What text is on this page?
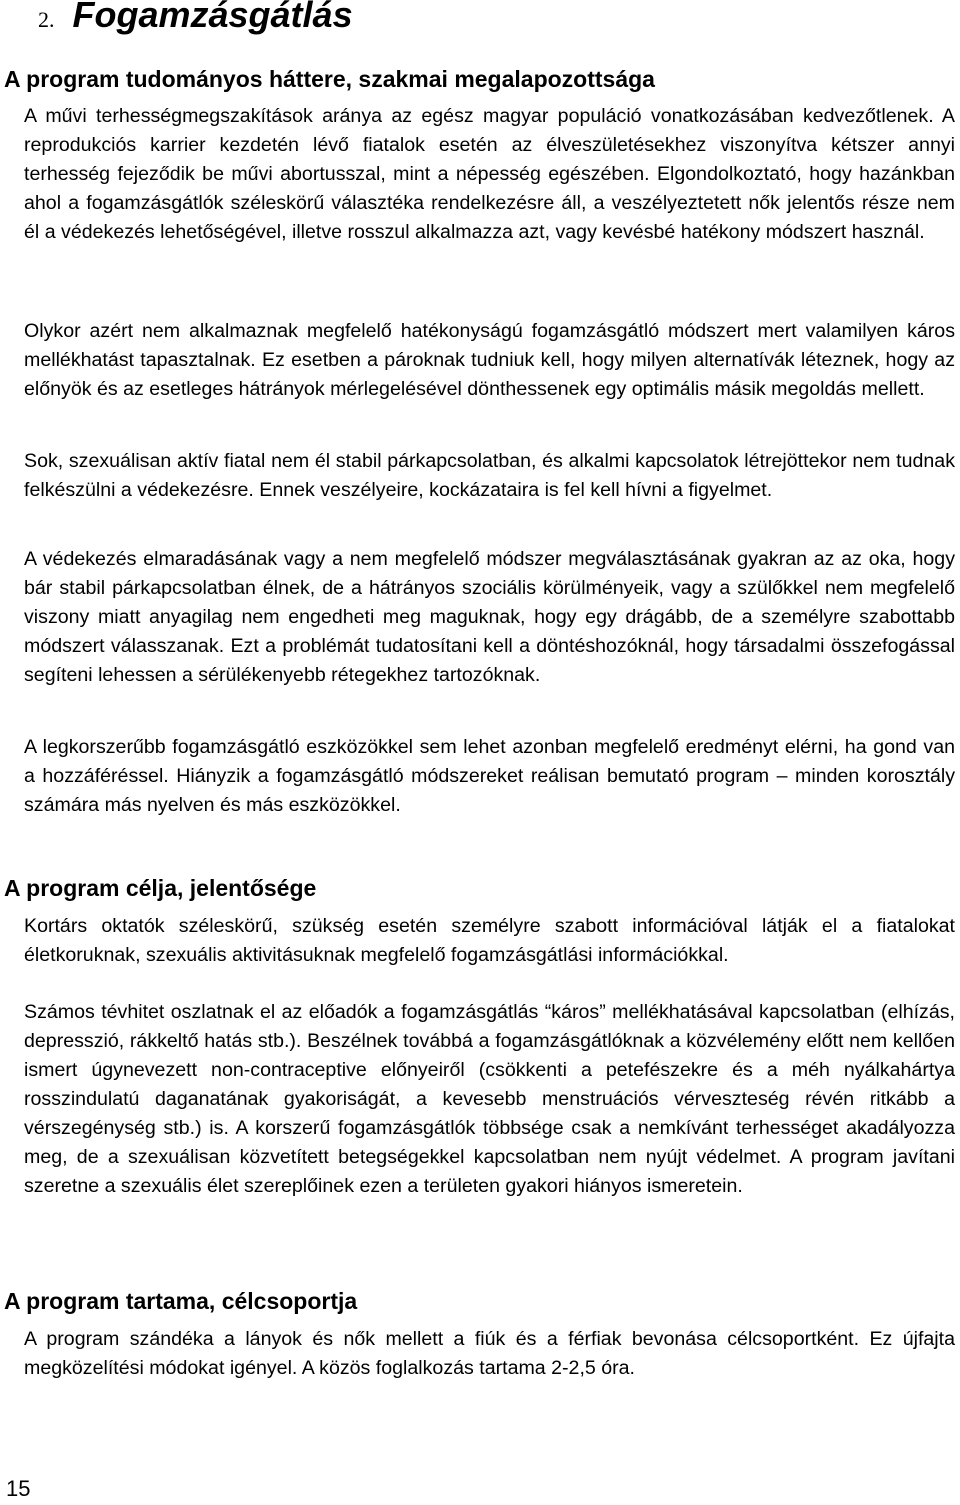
2. Fogamzásgátlás
A program tudományos háttere, szakmai megalapozottsága

A művi terhességmegszakítások aránya az egész magyar populáció vonatkozásában kedvezőtlenek. A reprodukciós karrier kezdetén lévő fiatalok esetén az élveszületésekhez viszonyítva kétszer annyi terhesség fejeződik be művi abortusszal, mint a népesség egészében. Elgondolkoztató, hogy hazánkban ahol a fogamzásgátlók széleskörű választéka rendelkezésre áll, a veszélyeztetett nők jelentős része nem él a védekezés lehetőségével, illetve rosszul alkalmazza azt, vagy kevésbé hatékony módszert használ.

Olykor azért nem alkalmaznak megfelelő hatékonyságú fogamzásgátló módszert mert valamilyen káros mellékhatást tapasztalnak. Ez esetben a pároknak tudniuk kell, hogy milyen alternatívák léteznek, hogy az előnyök és az esetleges hátrányok mérlegelésével dönthessenek egy optimális másik megoldás mellett.

Sok, szexuálisan aktív fiatal nem él stabil párkapcsolatban, és alkalmi kapcsolatok létrejöttekor nem tudnak felkészülni a védekezésre. Ennek veszélyeire, kockázataira is fel kell hívni a figyelmet.

A védekezés elmaradásának vagy a nem megfelelő módszer megválasztásának gyakran az az oka, hogy bár stabil párkapcsolatban élnek, de a hátrányos szociális körülményeik, vagy a szülőkkel nem megfelelő viszony miatt anyagilag nem engedheti meg maguknak, hogy egy drágább, de a személyre szabottabb módszert válasszanak. Ezt a problémát tudatosítani kell a döntéshozóknál, hogy társadalmi összefogással segíteni lehessen a sérülékenyebb rétegekhez tartozóknak.

A legkorszerűbb fogamzásgátló eszközökkel sem lehet azonban megfelelő eredményt elérni, ha gond van a hozzáféréssel. Hiányzik a fogamzásgátló módszereket reálisan bemutató program – minden korosztály számára más nyelven és más eszközökkel.

A program célja, jelentősége

Kortárs oktatók széleskörű, szükség esetén személyre szabott információval látják el a fiatalokat életkoruknak, szexuális aktivitásuknak megfelelő fogamzásgátlási információkkal.

Számos tévhitet oszlatnak el az előadók a fogamzásgátlás “káros” mellékhatásával kapcsolatban (elhízás, depresszió, rákkeltő hatás stb.). Beszélnek továbbá a fogamzásgátlóknak a közvélemény előtt nem kellően ismert úgynevezett non-contraceptive előnyeiről (csökkenti a petefészekre és a méh nyálkahártya rosszindulatú daganatának gyakoriságát, a kevesebb menstruációs vérveszteség révén ritkább a vérszegénység stb.) is. A korszerű fogamzásgátlók többsége csak a nemkívánt terhességet akadályozza meg, de a szexuálisan közvetített betegségekkel kapcsolatban nem nyújt védelmet. A program javítani szeretne a szexuális élet szereplőinek ezen a területen gyakori hiányos ismeretein.

A program tartama, célcsoportja

A program szándéka a lányok és nők mellett a fiúk és a férfiak bevonása célcsoportként. Ez újfajta megközelítési módokat igényel. A közös foglalkozás tartama 2-2,5 óra.

15
